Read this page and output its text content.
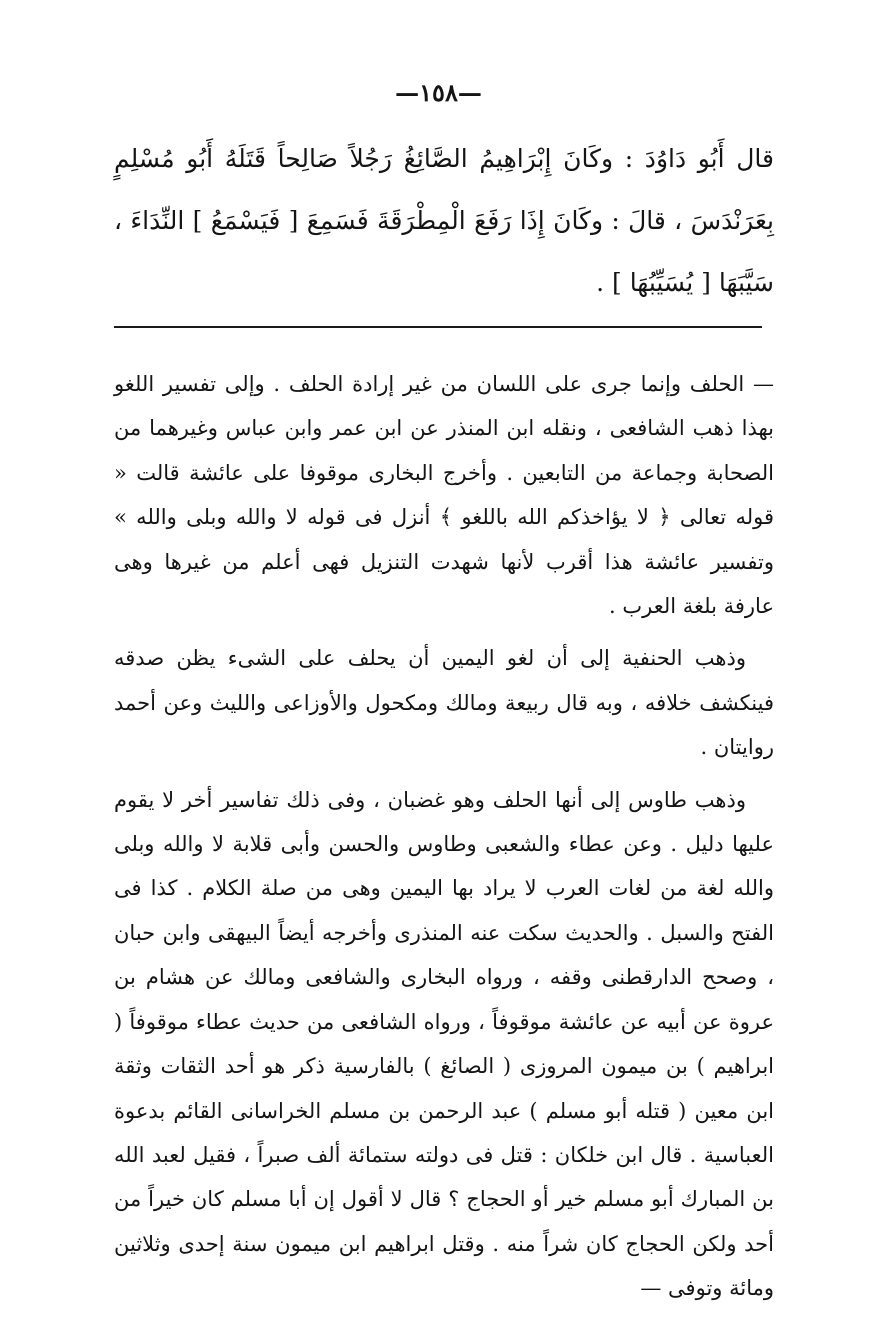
—١٥٨—

قال أَبُو دَاوُدَ : وكَانَ إِبْرَاهِيمُ الصَّائِغُ رَجُلاً صَالِحاً قَتَلَهُ أَبُو مُسْلِمٍ بِعَرَنْدَسَ ، قالَ : وكَانَ إِذَا رَفَعَ الْمِطْرَقَةَ فَسَمِعَ [ فَيَسْمَعُ ] النِّدَاءَ ، سَيَّبَهَا [ يُسَيِّبُهَا ] .

— الحلف وإنما جرى على اللسان من غير إرادة الحلف . وإلى تفسير اللغو بهذا ذهب الشافعى ، ونقله ابن المنذر عن ابن عمر وابن عباس وغيرهما من الصحابة وجماعة من التابعين . وأخرج البخارى موقوفا على عائشة قالت « قوله تعالى ﴿ لا يؤاخذكم الله باللغو ﴾ أنزل فى قوله لا والله وبلى والله » وتفسير عائشة هذا أقرب لأنها شهدت التنزيل فهى أعلم من غيرها وهى عارفة بلغة العرب .

وذهب الحنفية إلى أن لغو اليمين أن يحلف على الشىء يظن صدقه فينكشف خلافه ، وبه قال ربيعة ومالك ومكحول والأوزاعى والليث وعن أحمد روايتان .

وذهب طاوس إلى أنها الحلف وهو غضبان ، وفى ذلك تفاسير أخر لا يقوم عليها دليل . وعن عطاء والشعبى وطاوس والحسن وأبى قلابة لا والله وبلى والله لغة من لغات العرب لا يراد بها اليمين وهى من صلة الكلام . كذا فى الفتح والسبل . والحديث سكت عنه المنذرى وأخرجه أيضاً البيهقى وابن حبان ، وصحح الدارقطنى وقفه ، ورواه البخارى والشافعى ومالك عن هشام بن عروة عن أبيه عن عائشة موقوفاً ، ورواه الشافعى من حديث عطاء موقوفاً ( ابراهيم ) بن ميمون المروزى ( الصائغ ) بالفارسية ذكر هو أحد الثقات وثقة ابن معين ( قتله أبو مسلم ) عبد الرحمن بن مسلم الخراسانى القائم بدعوة العباسية . قال ابن خلكان : قتل فى دولته ستمائة ألف صبراً ، فقيل لعبد الله بن المبارك أبو مسلم خير أو الحجاج ؟ قال لا أقول إن أبا مسلم كان خيراً من أحد ولكن الحجاج كان شراً منه . وقتل ابراهيم ابن ميمون سنة إحدى وثلاثين ومائة وتوفى —
